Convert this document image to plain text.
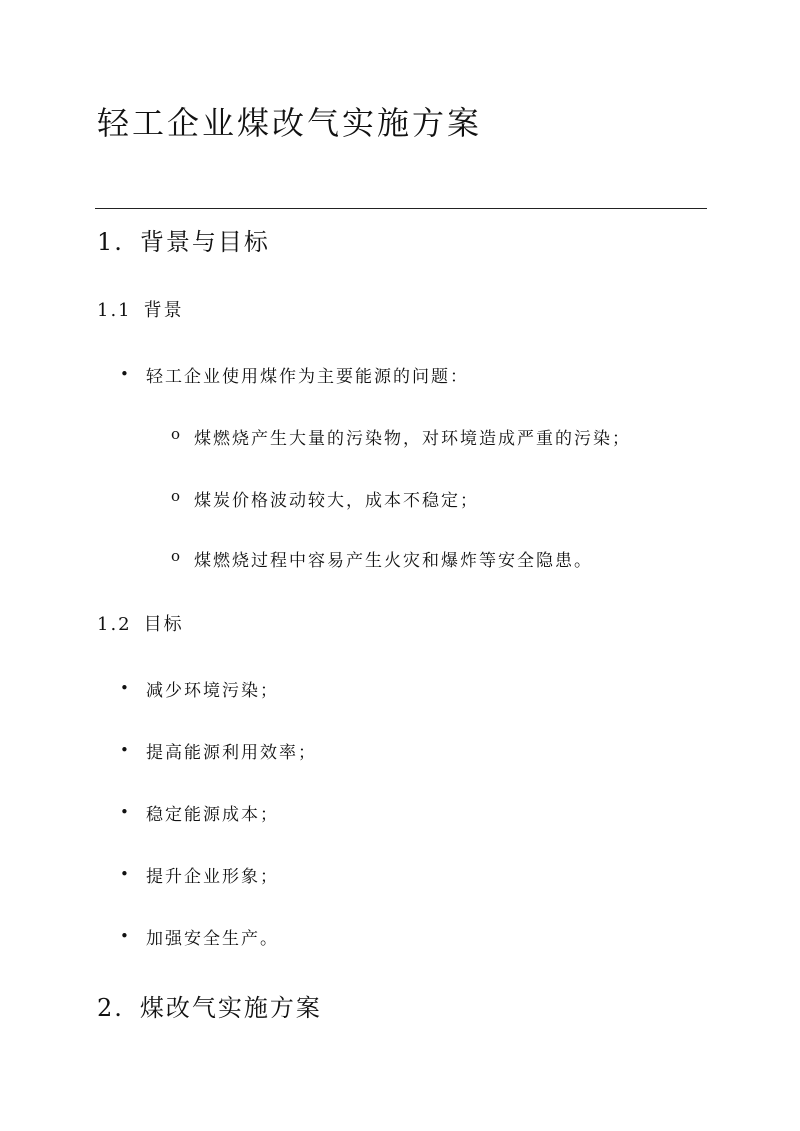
轻工企业煤改气实施方案
1. 背景与目标
1.1 背景
• 轻工企业使用煤作为主要能源的问题：
o 煤燃烧产生大量的污染物，对环境造成严重的污染；
o 煤炭价格波动较大，成本不稳定；
o 煤燃烧过程中容易产生火灾和爆炸等安全隐患。
1.2 目标
• 减少环境污染；
• 提高能源利用效率；
• 稳定能源成本；
• 提升企业形象；
• 加强安全生产。
2. 煤改气实施方案
